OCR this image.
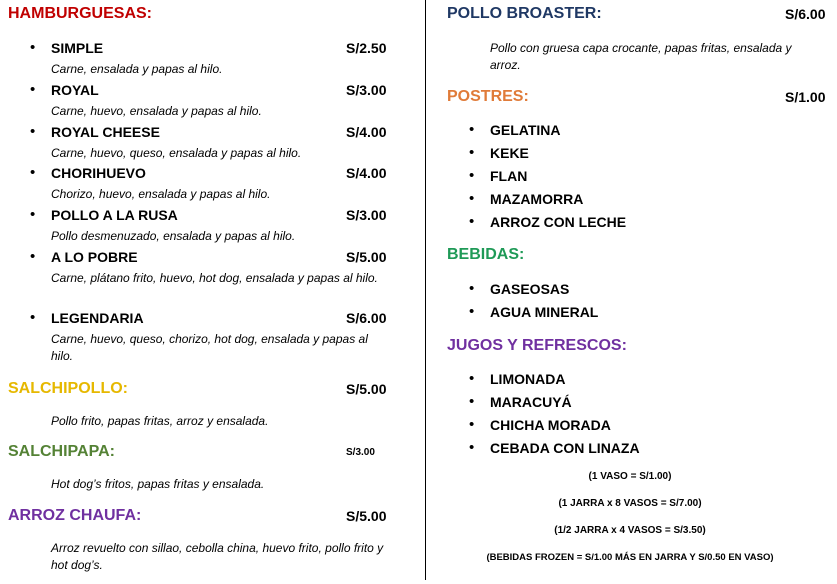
HAMBURGUESAS:
• SIMPLE	S/2.50
Carne, ensalada y papas al hilo.
• ROYAL	S/3.00
Carne, huevo, ensalada y papas al hilo.
• ROYAL CHEESE	S/4.00
Carne, huevo, queso, ensalada y papas al hilo.
• CHORIHUEVO	S/4.00
Chorizo, huevo, ensalada y papas al hilo.
• POLLO A LA RUSA	S/3.00
Pollo desmenuzado, ensalada y papas al hilo.
• A LO POBRE	S/5.00
Carne, plátano frito, huevo, hot dog, ensalada y papas al hilo.
• LEGENDARIA	S/6.00
Carne, huevo, queso, chorizo, hot dog, ensalada y papas al hilo.
SALCHIPOLLO:	S/5.00
Pollo frito, papas fritas, arroz y ensalada.
SALCHIPAPA:	S/3.00
Hot dog’s fritos, papas fritas y ensalada.
ARROZ CHAUFA:	S/5.00
Arroz revuelto con sillao, cebolla china, huevo frito, pollo frito y hot dog’s.
POLLO BROASTER:	S/6.00
Pollo con gruesa capa crocante, papas fritas, ensalada y arroz.
POSTRES:	S/1.00
• GELATINA
• KEKE
• FLAN
• MAZAMORRA
• ARROZ CON LECHE
BEBIDAS:
• GASEOSAS
• AGUA MINERAL
JUGOS Y REFRESCOS:
• LIMONADA
• MARACUYÁ
• CHICHA MORADA
• CEBADA CON LINAZA
(1 VASO = S/1.00)
(1 JARRA x 8 VASOS = S/7.00)
(1/2 JARRA x 4 VASOS = S/3.50)
(BEBIDAS FROZEN = S/1.00 MÁS EN JARRA Y S/0.50 EN VASO)
